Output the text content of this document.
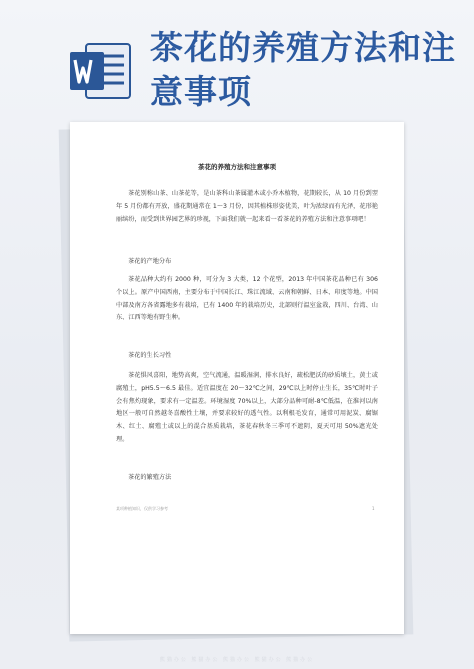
茶花的养殖方法和注意事项
茶花的养殖方法和注意事项
茶花别称山茶、山茶花等，是山茶科山茶属灌木或小乔木植物，花期较长，从 10 月份到翌年 5 月份都有开放，盛花期通常在 1～3 月份，因其植株形姿优美，叶为浓绿而有光泽，花形艳丽缤纷，而受到世界园艺界的珍视，下面我们就一起来看一看茶花的养殖方法和注意事项吧！
茶花的产地分布
茶花品种大约有 2000 种，可分为 3 大类，12 个花型，2013 年中国茶花品种已有 306 个以上。原产中国西南，主要分布于中国长江、珠江流域、云南和朝鲜、日本、印度等地。中国中部及南方各省露地多有栽培，已有 1400 年的栽培历史，北部则行温室盆栽，四川、台湾、山东、江西等地有野生种。
茶花的生长习性
茶花惧风喜阳，地势高爽，空气流通，温暖湿润，排水良好，疏松肥沃的砂质壤土，黄土或腐殖土，pH5.5～6.5 最佳。适宜温度在 20～32℃之间，29℃以上时停止生长，35℃时叶子会有焦灼现象，要求有一定温差。环境湿度 70%以上，大部分品种可耐-8℃低温，在淮河以南地区一般可自然越冬喜酸性土壤，并要求较好的透气性。以利根毛发育，通常可用泥炭、腐锯木、红土、腐殖土或以上的混合基质栽培，茶花春秋冬三季可不遮阴，夏天可用 50%遮光处理。
茶花的繁殖方法
某项种植知识，仅供学习参考	1
熊猫办公 熊猫办公 熊猫办公 熊猫办公 熊猫办公
